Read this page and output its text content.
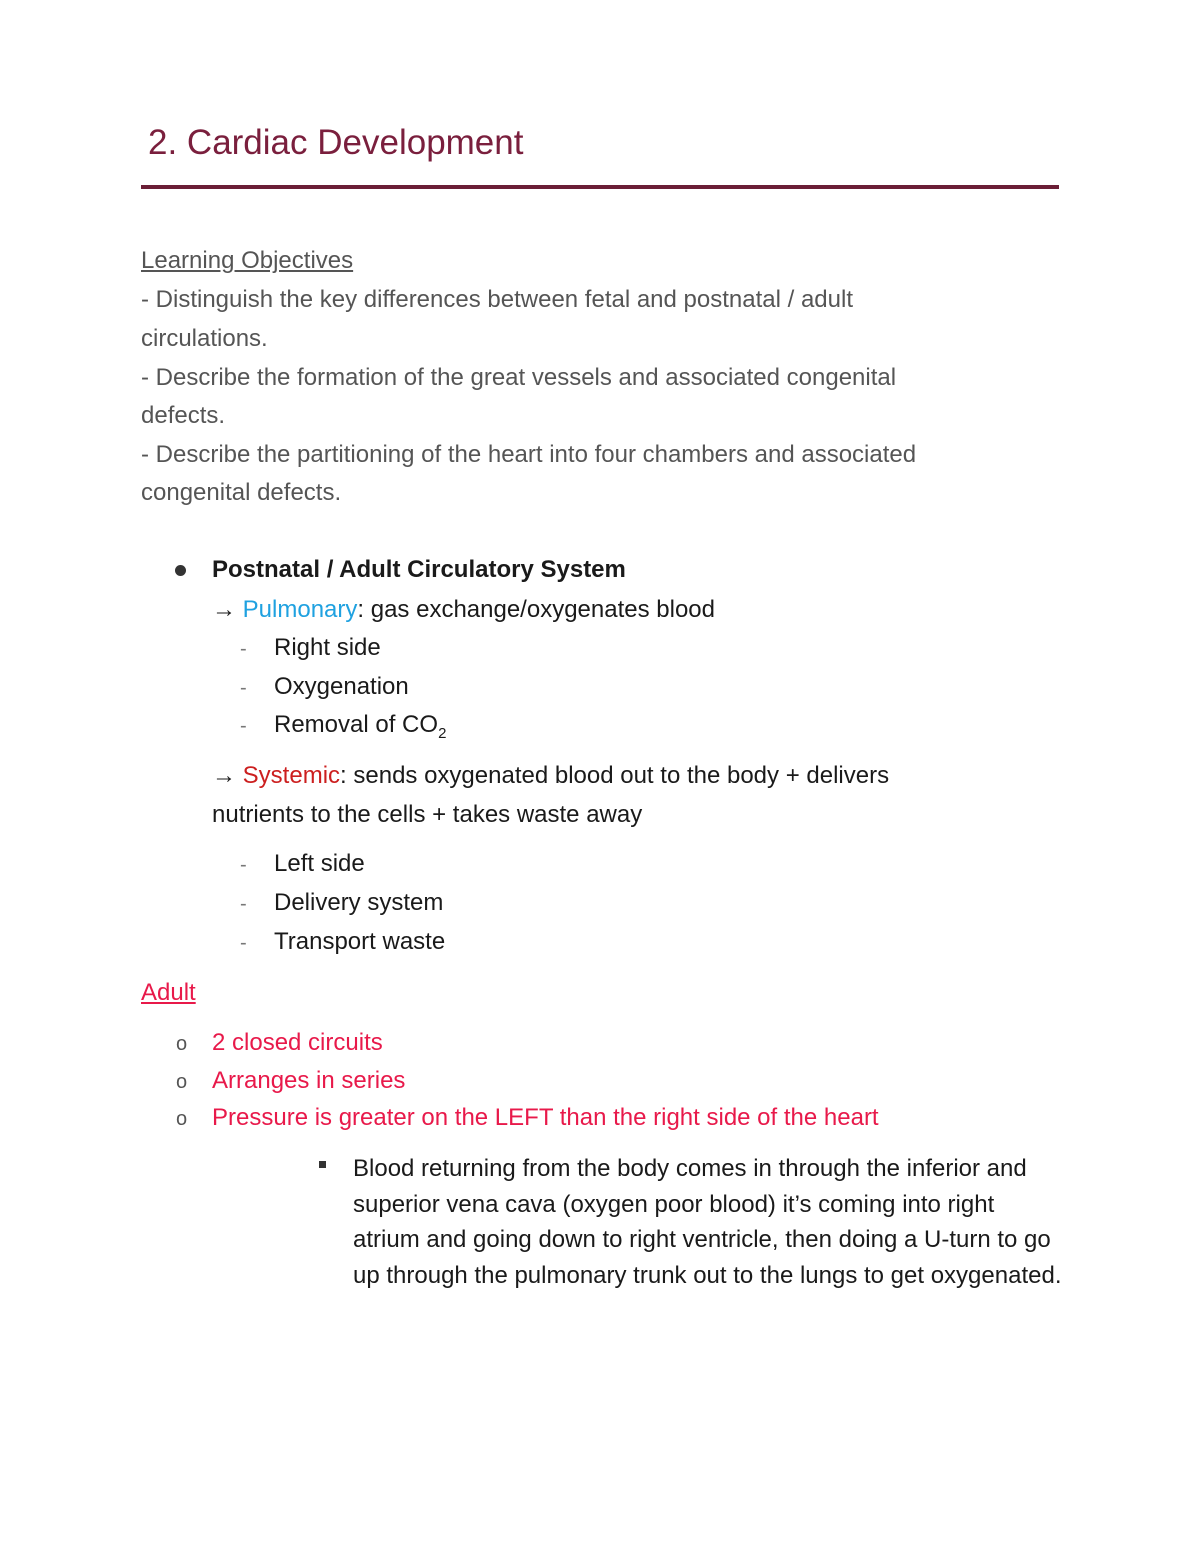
2. Cardiac Development
Learning Objectives
- Distinguish the key differences between fetal and postnatal / adult
circulations.
- Describe the formation of the great vessels and associated congenital
defects.
- Describe the partitioning of the heart into four chambers and associated
congenital defects.
Postnatal / Adult Circulatory System
→ Pulmonary: gas exchange/oxygenates blood
- Right side
- Oxygenation
- Removal of $CO_2$
→ Systemic: sends oxygenated blood out to the body + delivers
nutrients to the cells + takes waste away
- Left side
- Delivery system
- Transport waste
Adult
o 2 closed circuits
o Arranges in series
o Pressure is greater on the LEFT than the right side of the heart
Blood returning from the body comes in through the inferior and superior vena cava (oxygen poor blood) it’s coming into right atrium and going down to right ventricle, then doing a U-turn to go up through the pulmonary trunk out to the lungs to get oxygenated.
